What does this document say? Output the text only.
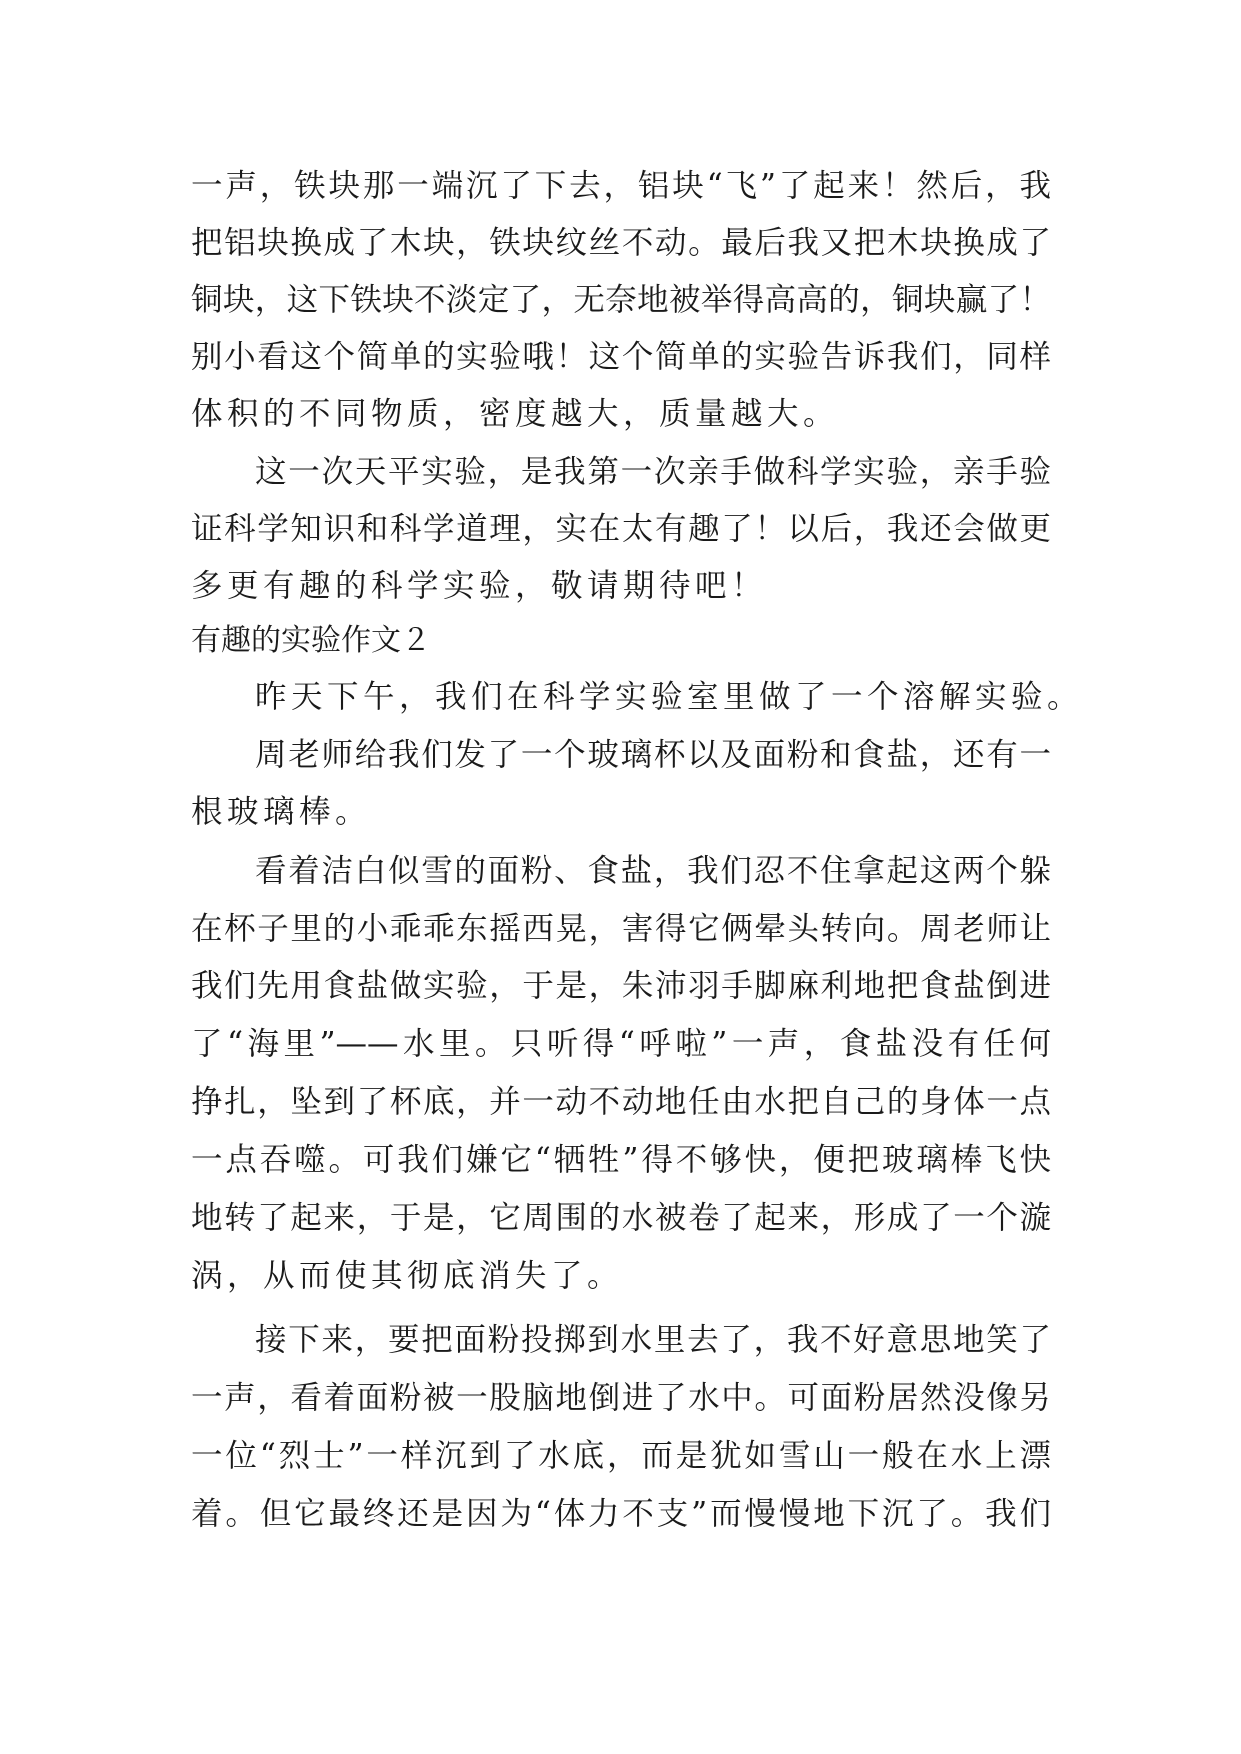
一声，铁块那一端沉了下去，铝块“飞”了起来！然后，我
把铝块换成了木块，铁块纹丝不动。最后我又把木块换成了
铜块，这下铁块不淡定了，无奈地被举得高高的，铜块赢了！
别小看这个简单的实验哦！这个简单的实验告诉我们，同样
体积的不同物质，密度越大，质量越大。
这一次天平实验，是我第一次亲手做科学实验，亲手验
证科学知识和科学道理，实在太有趣了！以后，我还会做更
多更有趣的科学实验，敬请期待吧！
有趣的实验作文２
昨天下午，我们在科学实验室里做了一个溶解实验。
周老师给我们发了一个玻璃杯以及面粉和食盐，还有一
根玻璃棒。
看着洁白似雪的面粉、食盐，我们忍不住拿起这两个躲
在杯子里的小乖乖东摇西晃，害得它俩晕头转向。周老师让
我们先用食盐做实验，于是，朱沛羽手脚麻利地把食盐倒进
了“海里”——水里。只听得“呼啦”一声，食盐没有任何
挣扎，坠到了杯底，并一动不动地任由水把自己的身体一点
一点吞噬。可我们嫌它“牺牲”得不够快，便把玻璃棒飞快
地转了起来，于是，它周围的水被卷了起来，形成了一个漩
涡，从而使其彻底消失了。
接下来，要把面粉投掷到水里去了，我不好意思地笑了
一声，看着面粉被一股脑地倒进了水中。可面粉居然没像另
一位“烈士”一样沉到了水底，而是犹如雪山一般在水上漂
着。但它最终还是因为“体力不支”而慢慢地下沉了。我们
